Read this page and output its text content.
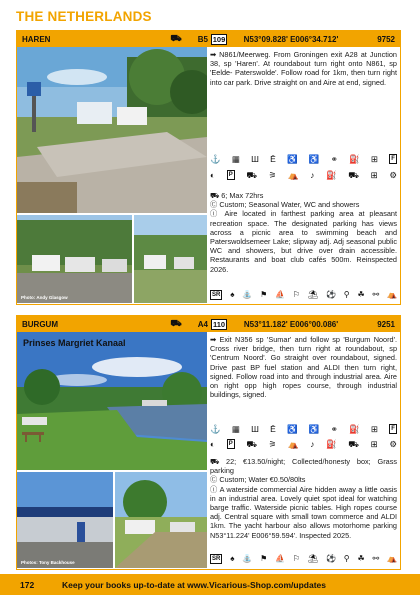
THE NETHERLANDS
HAREN	⛟	B5 109	N53°09.828' E006°34.712'	9752
Photo: Andy Glasgow
➡ N861/Meerweg. From Groningen exit A28 at Junction 38, sp 'Haren'. At roundabout turn right onto N861, sp 'Eelde- Paterswolde'. Follow road for 1km, then turn right into car park. Drive straight on and Aire at end, signed.
⚓ ▦ Ш Ē ♿ ♿ ⚭ ⛽ ⊞	F
◐	P ⛟ ⚞ ⛺ ♪ ⛽ ⛟ ⊞ ⚙
⛟ 6; Max 72hrs
Ⓒ Custom; Seasonal Water, WC and showers
ⓘ Aire located in farthest parking area at pleasant recreation space. The designated parking has views across a picnic area to swimming beach and Paterswoldsemeer Lake; slipway adj. Adj seasonal public WC and showers, but drive over drain accessible. Restaurants and boat club cafés 500m. Reinspected 2026.
SR ♠ ⛲ ⚑ ⛵ ⚐ ⛱ ⚽ ⚲ ☘ ⚯ ⛺
BURGUM	⛟	A4 110	N53°11.182' E006°00.086'	9251
Prinses Margriet Kanaal
Photos: Tony Backhouse
➡ Exit N356 sp 'Sumar' and follow sp 'Burgum Noord'. Cross river bridge, then turn right at roundabout, sp 'Centrum Noord'. Go straight over roundabout, signed. Drive past BP fuel station and ALDI then turn right, signed. Follow road into and through industrial area. Aire on right opp high ropes course, through industrial buildings, signed.
⚓ ▦ Ш Ē ♿ ♿ ⚭ ⛽ ⊞	F
◐	P ⛟ ⚞ ⛺ ♪ ⛽ ⛟ ⊞ ⚙
⛟ 22; €13.50/night; Collected/honesty box; Grass parking
Ⓒ Custom; Water €0.50/80lts
ⓘ A waterside commercial Aire hidden away a little oasis in an industrial area. Lovely quiet spot ideal for watching barge traffic. Waterside picnic tables. High ropes course adj. Central square with small town commerce and ALDI 1km. The yacht harbour also allows motorhome parking N53°11.224' E006°59.594'. Inspected 2025.
SR ♠ ⛲ ⚑ ⛵ ⚐ ⛱ ⚽ ⚲ ☘ ⚯ ⛺
172	Keep your books up-to-date at www.Vicarious-Shop.com/updates
